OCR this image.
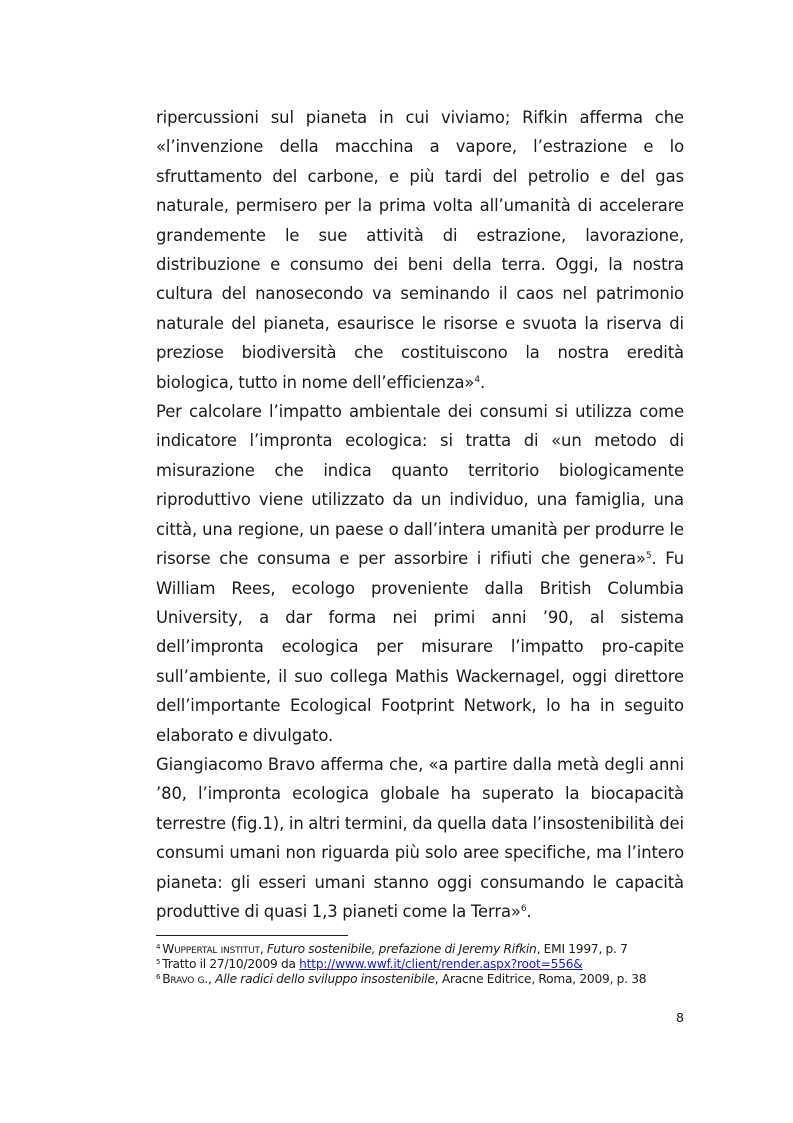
ripercussioni sul pianeta in cui viviamo; Rifkin afferma che «l’invenzione della macchina a vapore, l’estrazione e lo sfruttamento del carbone, e più tardi del petrolio e del gas naturale, permisero per la prima volta all’umanità di accelerare grandemente le sue attività di estrazione, lavorazione, distribuzione e consumo dei beni della terra. Oggi, la nostra cultura del nanosecondo va seminando il caos nel patrimonio naturale del pianeta, esaurisce le risorse e svuota la riserva di preziose biodiversità che costituiscono la nostra eredità biologica, tutto in nome dell’efficienza»$^4$.

Per calcolare l’impatto ambientale dei consumi si utilizza come indicatore l’impronta ecologica: si tratta di «un metodo di misurazione che indica quanto territorio biologicamente riproduttivo viene utilizzato da un individuo, una famiglia, una città, una regione, un paese o dall’intera umanità per produrre le risorse che consuma e per assorbire i rifiuti che genera»$^5$. Fu William Rees, ecologo proveniente dalla British Columbia University, a dar forma nei primi anni ’90, al sistema dell’impronta ecologica per misurare l’impatto pro-capite sull’ambiente, il suo collega Mathis Wackernagel, oggi direttore dell’importante Ecological Footprint Network, lo ha in seguito elaborato e divulgato.

Giangiacomo Bravo afferma che, «a partire dalla metà degli anni ’80, l’impronta ecologica globale ha superato la biocapacità terrestre (fig.1), in altri termini, da quella data l’insostenibilità dei consumi umani non riguarda più solo aree specifiche, ma l’intero pianeta: gli esseri umani stanno oggi consumando le capacità produttive di quasi 1,3 pianeti come la Terra»$^6$.

$^4$ Wuppertal institut, Futuro sostenibile, prefazione di Jeremy Rifkin, EMI 1997, p. 7
$^5$ Tratto il 27/10/2009 da http://www.wwf.it/client/render.aspx?root=556&
$^6$ Bravo g., Alle radici dello sviluppo insostenibile, Aracne Editrice, Roma, 2009, p. 38
8
